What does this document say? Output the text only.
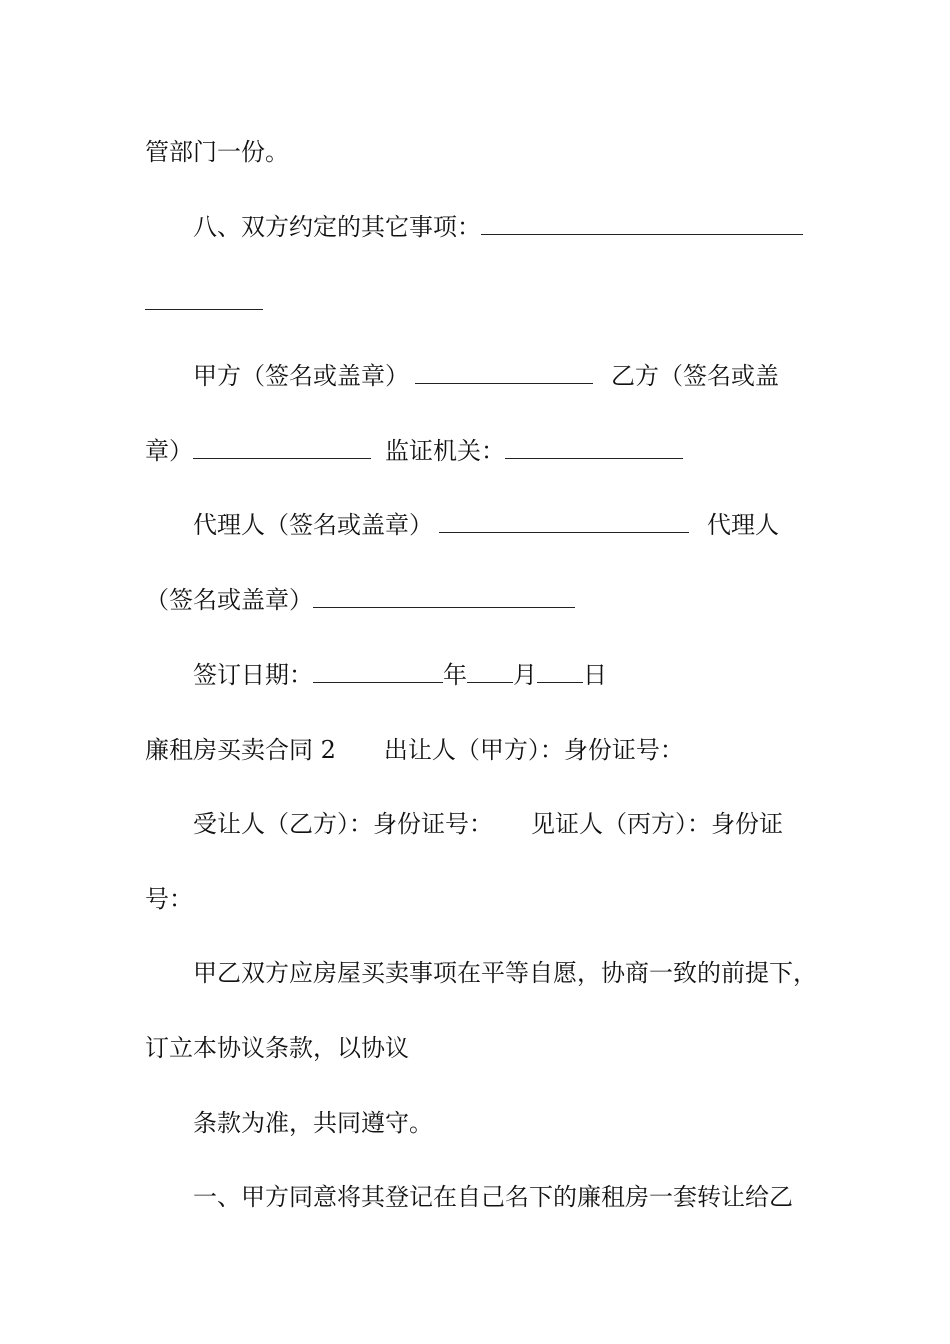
管部门一份。
八、双方约定的其它事项：
甲方（签名或盖章）	乙方（签名或盖
章）	监证机关：
代理人（签名或盖章）	代理人
（签名或盖章）
签订日期：	年 月 日
廉租房买卖合同 2 出让人（甲方）：身份证号：
受让人（乙方）：身份证号： 见证人（丙方）：身份证
号：
甲乙双方应房屋买卖事项在平等自愿，协商一致的前提下，
订立本协议条款，以协议
条款为准，共同遵守。
一、甲方同意将其登记在自己名下的廉租房一套转让给乙
